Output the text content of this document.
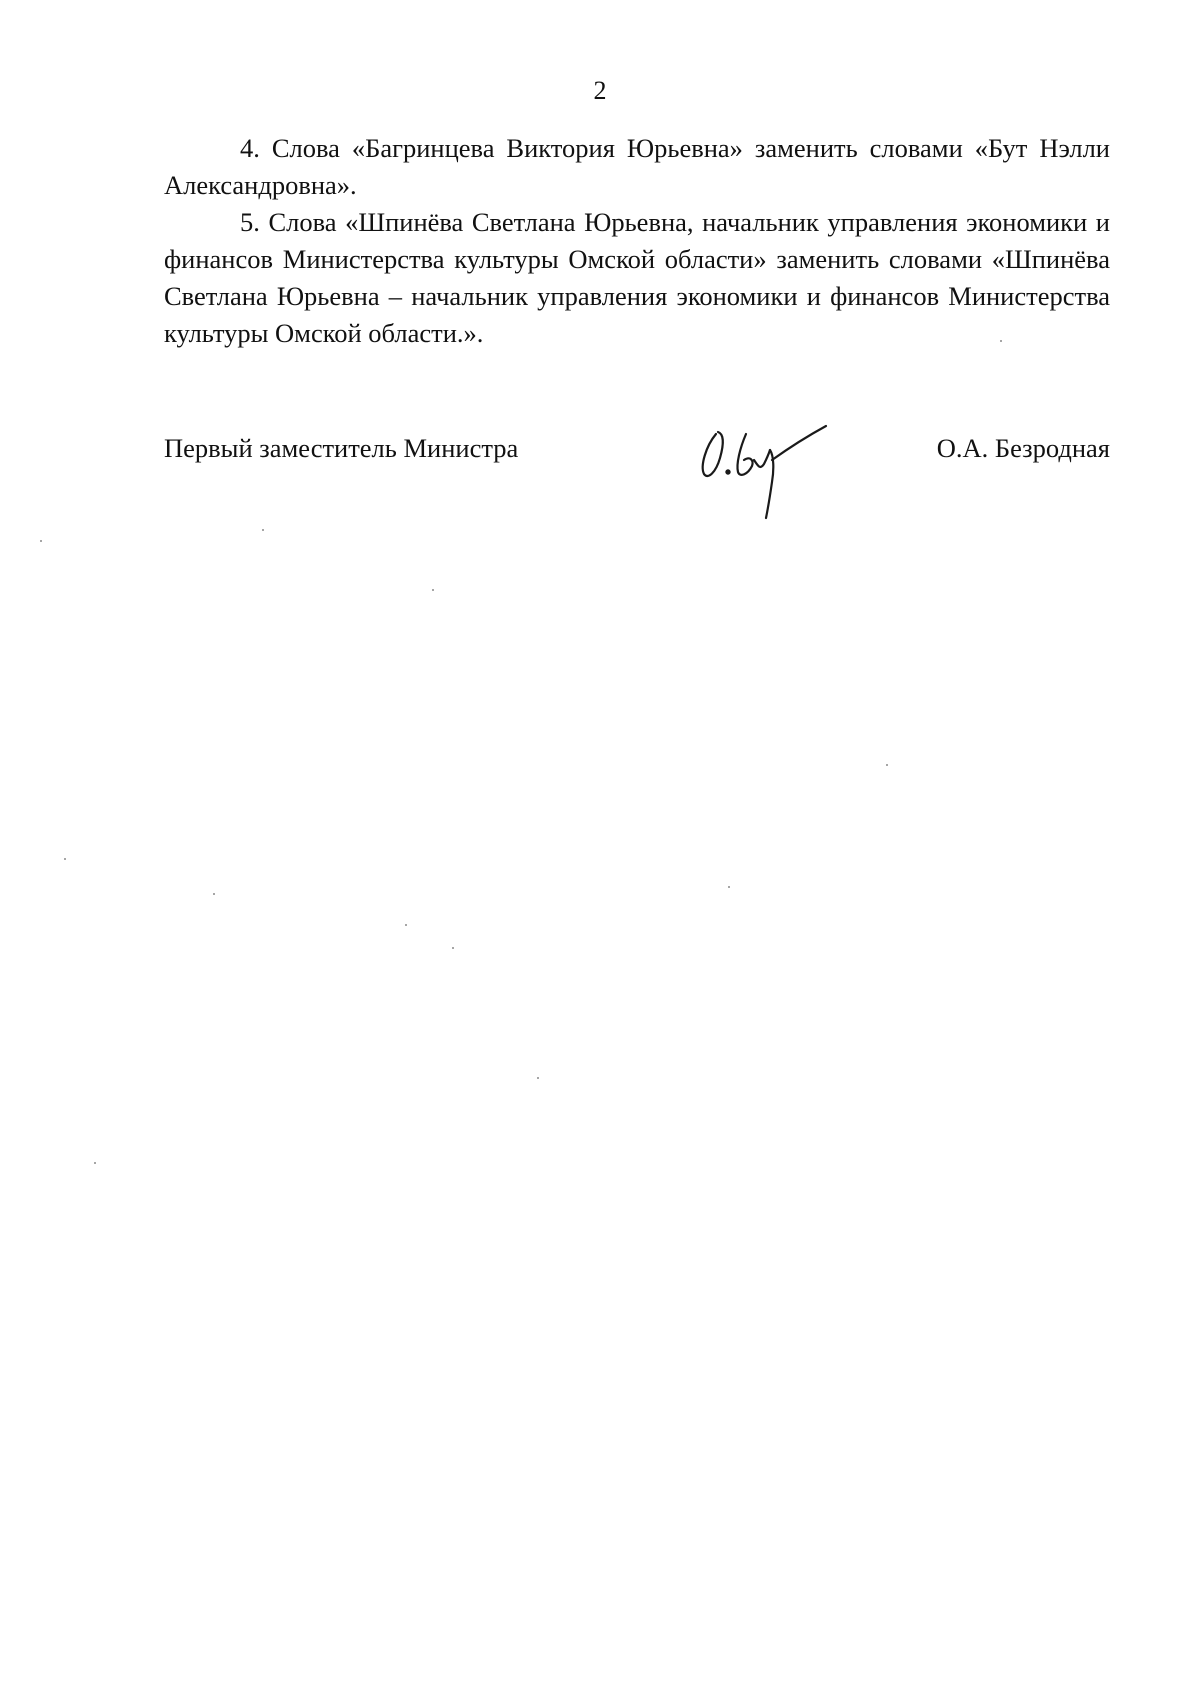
2

4. Слова «Багринцева Виктория Юрьевна» заменить словами «Бут Нэлли Александровна».

5. Слова «Шпинёва Светлана Юрьевна, начальник управления экономики и финансов Министерства культуры Омской области» заменить словами «Шпинёва Светлана Юрьевна – начальник управления экономики и финансов Министерства культуры Омской области.».

Первый заместитель Министра	О.А. Безродная
